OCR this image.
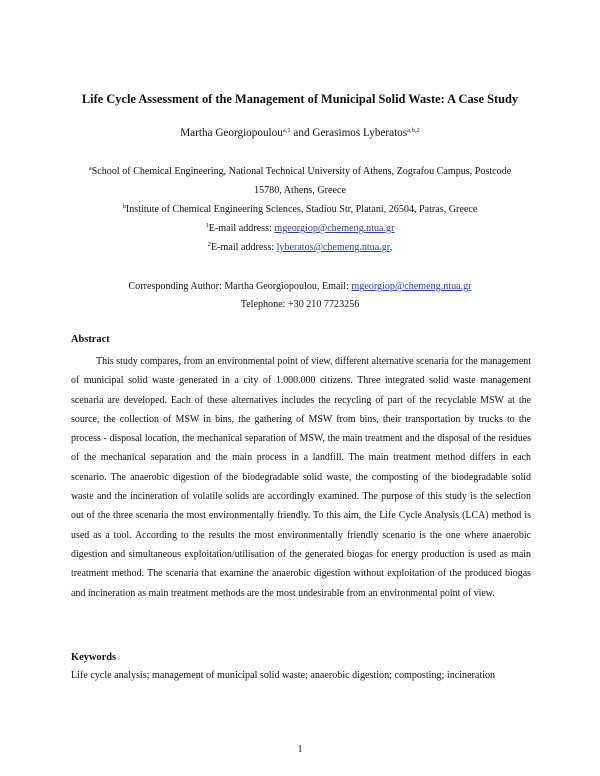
Life Cycle Assessment of the Management of Municipal Solid Waste: A Case Study
Martha Georgiopoulou$^{a,1}$ and Gerasimos Lyberatos$^{a,b,2}$
$^a$School of Chemical Engineering, National Technical University of Athens, Zografou Campus, Postcode
15780, Athens, Greece
$^b$Institute of Chemical Engineering Sciences, Stadiou Str, Platani, 26504, Patras, Greece
$^1$E-mail address: mgeorgiop@chemeng.ntua.gr
$^2$E-mail address: lyberatos@chemeng.ntua.gr,
Corresponding Author: Martha Georgiopoulou, Email: mgeorgiop@chemeng.ntua.gr
Telephone: +30 210 7723256
Abstract
This study compares, from an environmental point of view, different alternative scenaria for the management of municipal solid waste generated in a city of 1.000.000 citizens. Three integrated solid waste management scenaria are developed. Each of these alternatives includes the recycling of part of the recyclable MSW at the source, the collection of MSW in bins, the gathering of MSW from bins, their transportation by trucks to the process - disposal location, the mechanical separation of MSW, the main treatment and the disposal of the residues of the mechanical separation and the main process in a landfill. The main treatment method differs in each scenario. The anaerobic digestion of the biodegradable solid waste, the composting of the biodegradable solid waste and the incineration of volatile solids are accordingly examined. The purpose of this study is the selection out of the three scenaria the most environmentally friendly. To this aim, the Life Cycle Analysis (LCA) method is used as a tool. According to the results the most environmentally friendly scenario is the one where anaerobic digestion and simultaneous exploitation/utilisation of the generated biogas for energy production is used as main treatment method. The scenaria that examine the anaerobic digestion without exploitation of the produced biogas and incineration as main treatment methods are the most undesirable from an environmental point of view.
Keywords
Life cycle analysis; management of municipal solid waste; anaerobic digestion; composting; incineration
1
